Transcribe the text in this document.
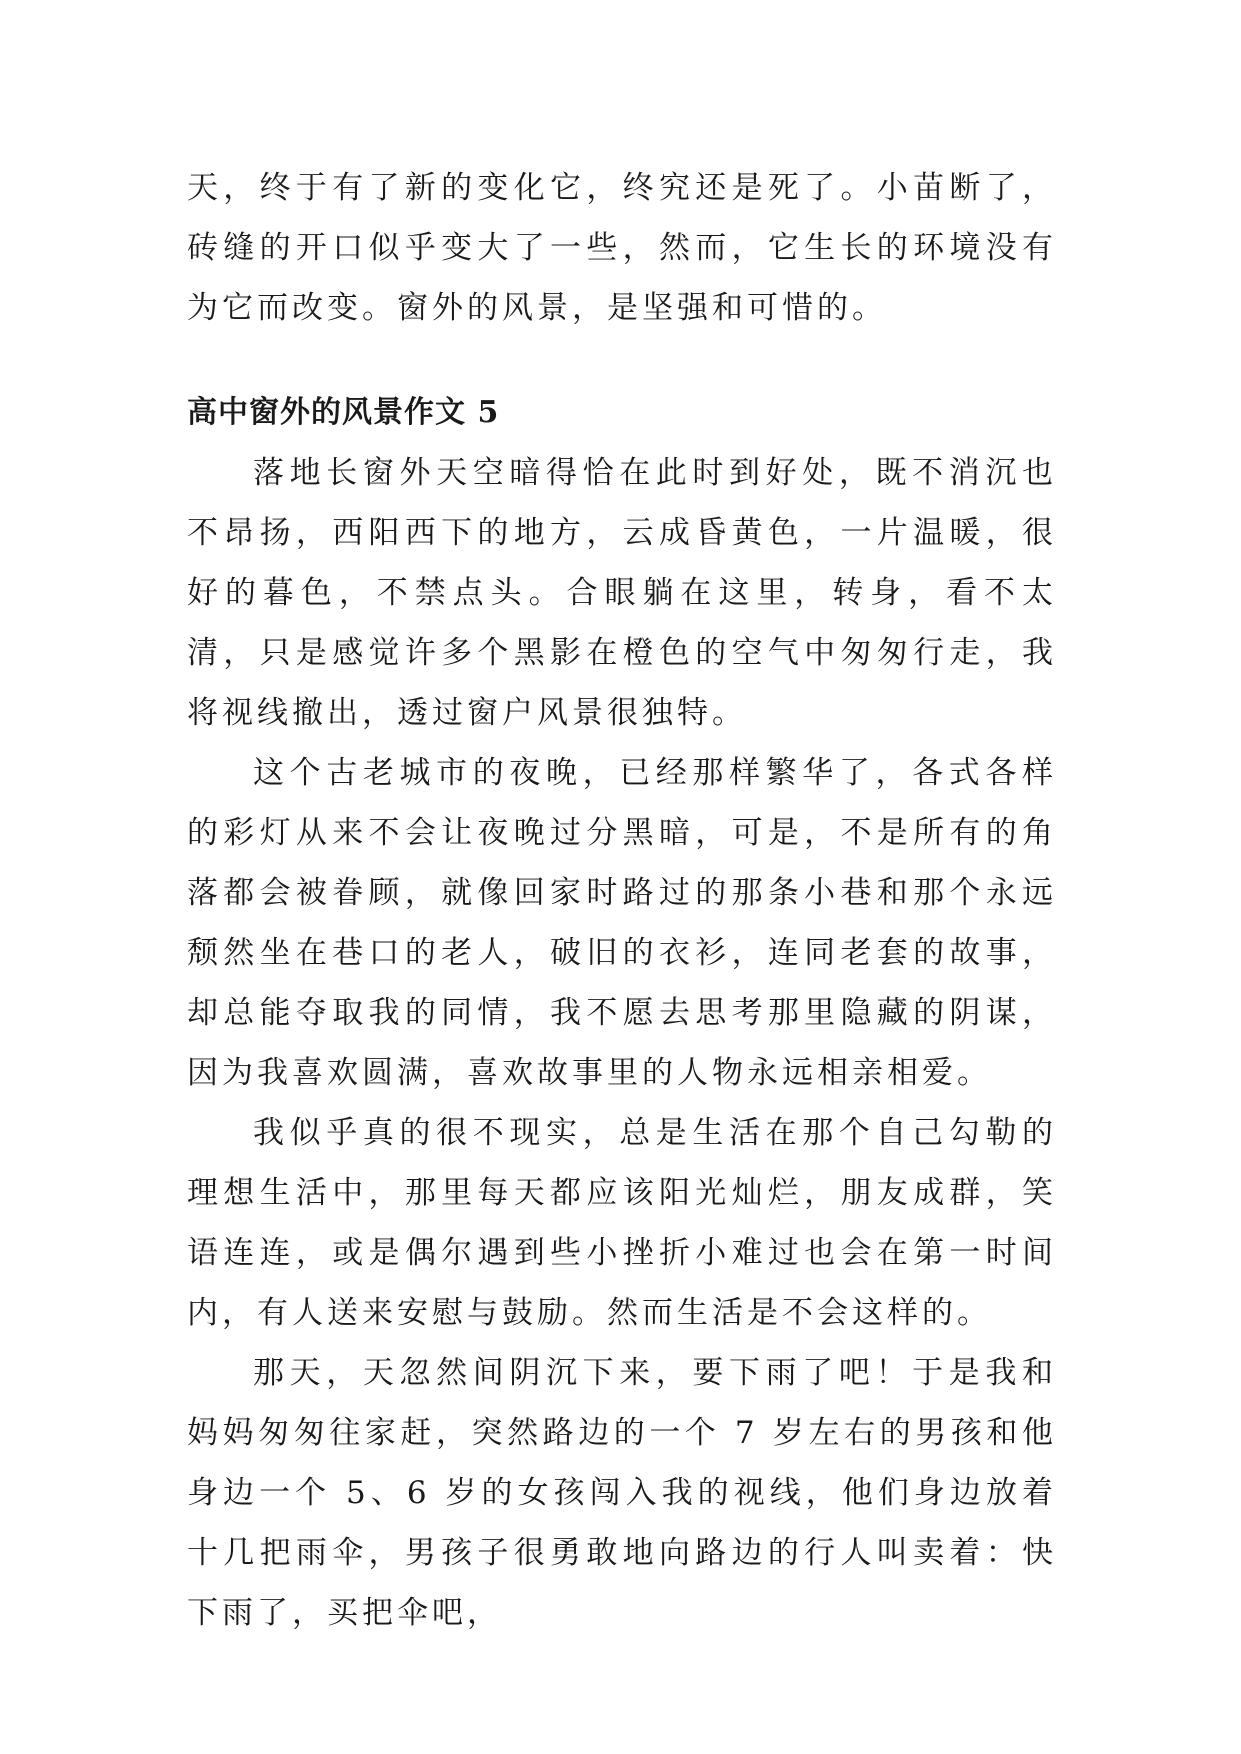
天，终于有了新的变化它，终究还是死了。小苗断了，砖缝的开口似乎变大了一些，然而，它生长的环境没有为它而改变。窗外的风景，是坚强和可惜的。

高中窗外的风景作文 5

落地长窗外天空暗得恰在此时到好处，既不消沉也不昂扬，西阳西下的地方，云成昏黄色，一片温暖，很好的暮色，不禁点头。合眼躺在这里，转身，看不太清，只是感觉许多个黑影在橙色的空气中匆匆行走，我将视线撤出，透过窗户风景很独特。

这个古老城市的夜晚，已经那样繁华了，各式各样的彩灯从来不会让夜晚过分黑暗，可是，不是所有的角落都会被眷顾，就像回家时路过的那条小巷和那个永远颓然坐在巷口的老人，破旧的衣衫，连同老套的故事，却总能夺取我的同情，我不愿去思考那里隐藏的阴谋，因为我喜欢圆满，喜欢故事里的人物永远相亲相爱。

我似乎真的很不现实，总是生活在那个自己勾勒的理想生活中，那里每天都应该阳光灿烂，朋友成群，笑语连连，或是偶尔遇到些小挫折小难过也会在第一时间内，有人送来安慰与鼓励。然而生活是不会这样的。

那天，天忽然间阴沉下来，要下雨了吧！于是我和妈妈匆匆往家赶，突然路边的一个 7 岁左右的男孩和他身边一个 5、6 岁的女孩闯入我的视线，他们身边放着十几把雨伞，男孩子很勇敢地向路边的行人叫卖着：快下雨了，买把伞吧，
